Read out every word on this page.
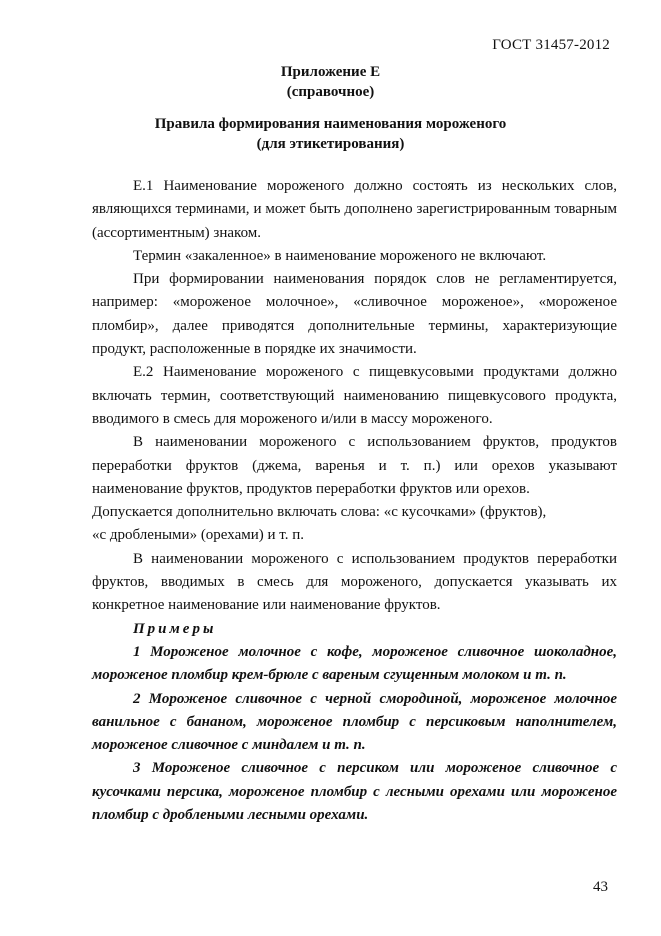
ГОСТ 31457-2012
Приложение Е
(справочное)
Правила формирования наименования мороженого
(для этикетирования)

Е.1 Наименование мороженого должно состоять из нескольких слов, являющихся терминами, и может быть дополнено зарегистрированным товарным (ассортиментным) знаком.

Термин «закаленное» в наименование мороженого не включают.

При формировании наименования порядок слов не регламентируется, например: «мороженое молочное», «сливочное мороженое», «мороженое пломбир», далее приводятся дополнительные термины, характеризующие продукт, расположенные в порядке их значимости.

Е.2 Наименование мороженого с пищевкусовыми продуктами должно включать термин, соответствующий наименованию пищевкусового продукта, вводимого в смесь для мороженого и/или в массу мороженого.

В наименовании мороженого с использованием фруктов, продуктов переработки фруктов (джема, варенья и т. п.) или орехов указывают наименование фруктов, продуктов переработки фруктов или орехов.

Допускается дополнительно включать слова: «с кусочками» (фруктов),

«с дроблеными» (орехами) и т. п.

В наименовании мороженого с использованием продуктов переработки фруктов, вводимых в смесь для мороженого, допускается указывать их конкретное наименование или наименование фруктов.

Примеры

1 Мороженое молочное с кофе, мороженое сливочное шоколадное, мороженое пломбир крем-брюле с вареным сгущенным молоком и т. п.

2 Мороженое сливочное с черной смородиной, мороженое молочное ванильное с бананом, мороженое пломбир с персиковым наполнителем, мороженое сливочное с миндалем и т. п.

3 Мороженое сливочное с персиком или мороженое сливочное с кусочками персика, мороженое пломбир с лесными орехами или мороженое пломбир с дроблеными лесными орехами.

43
